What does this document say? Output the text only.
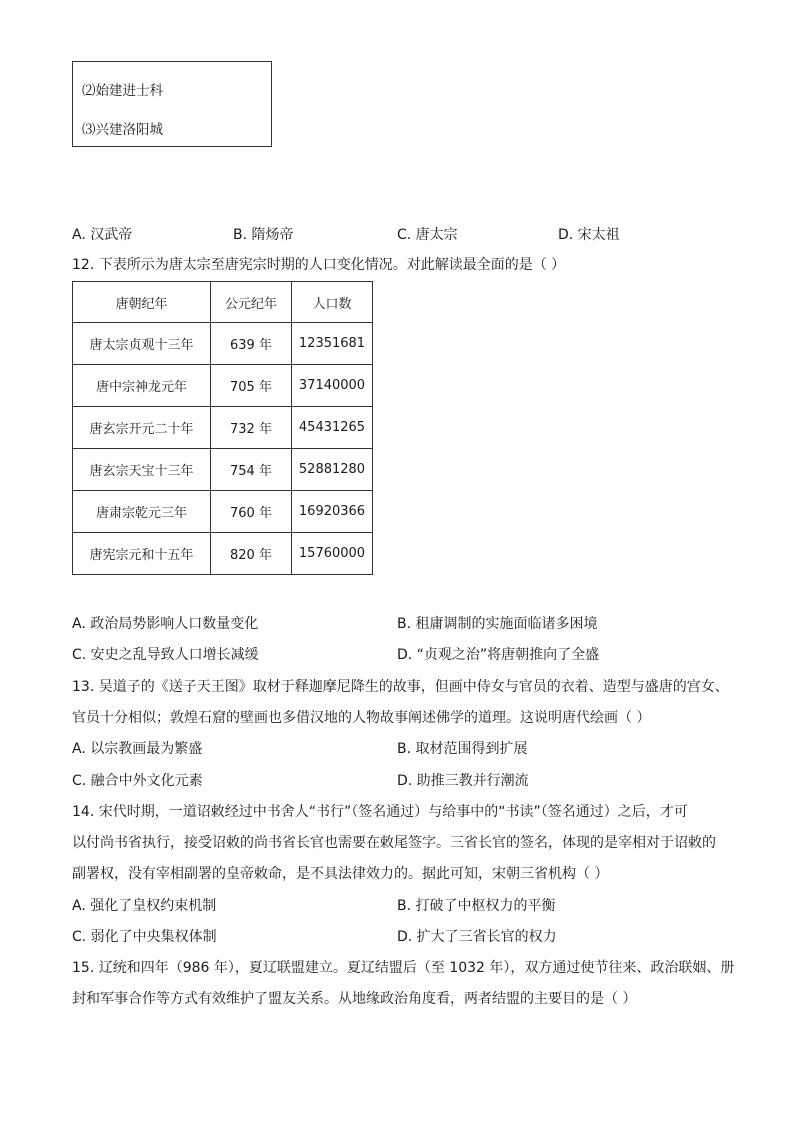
⑵始建进士科
⑶兴建洛阳城
A. 汉武帝	B. 隋炀帝	C. 唐太宗	D. 宋太祖
12. 下表所示为唐太宗至唐宪宗时期的人口变化情况。对此解读最全面的是（ ）
唐朝纪年	公元纪年	人口数
唐太宗贞观十三年	639 年	12351681
唐中宗神龙元年	705 年	37140000
唐玄宗开元二十年	732 年	45431265
唐玄宗天宝十三年	754 年	52881280
唐肃宗乾元三年	760 年	16920366
唐宪宗元和十五年	820 年	15760000
A. 政治局势影响人口数量变化	B. 租庸调制的实施面临诸多困境
C. 安史之乱导致人口增长减缓	D. “贞观之治”将唐朝推向了全盛
13. 吴道子的《送子天王图》取材于释迦摩尼降生的故事，但画中侍女与官员的衣着、造型与盛唐的宫女、
官员十分相似；敦煌石窟的壁画也多借汉地的人物故事阐述佛学的道理。这说明唐代绘画（ ）
A. 以宗教画最为繁盛	B. 取材范围得到扩展
C. 融合中外文化元素	D. 助推三教并行潮流
14. 宋代时期，一道诏敕经过中书舍人“书行”（签名通过）与给事中的“书读”（签名通过）之后，才可
以付尚书省执行，接受诏敕的尚书省长官也需要在敕尾签字。三省长官的签名，体现的是宰相对于诏敕的
副署权，没有宰相副署的皇帝敕命，是不具法律效力的。据此可知，宋朝三省机构（ ）
A. 强化了皇权约束机制	B. 打破了中枢权力的平衡
C. 弱化了中央集权体制	D. 扩大了三省长官的权力
15. 辽统和四年（986 年），夏辽联盟建立。夏辽结盟后（至 1032 年），双方通过使节往来、政治联姻、册
封和军事合作等方式有效维护了盟友关系。从地缘政治角度看，两者结盟的主要目的是（ ）
